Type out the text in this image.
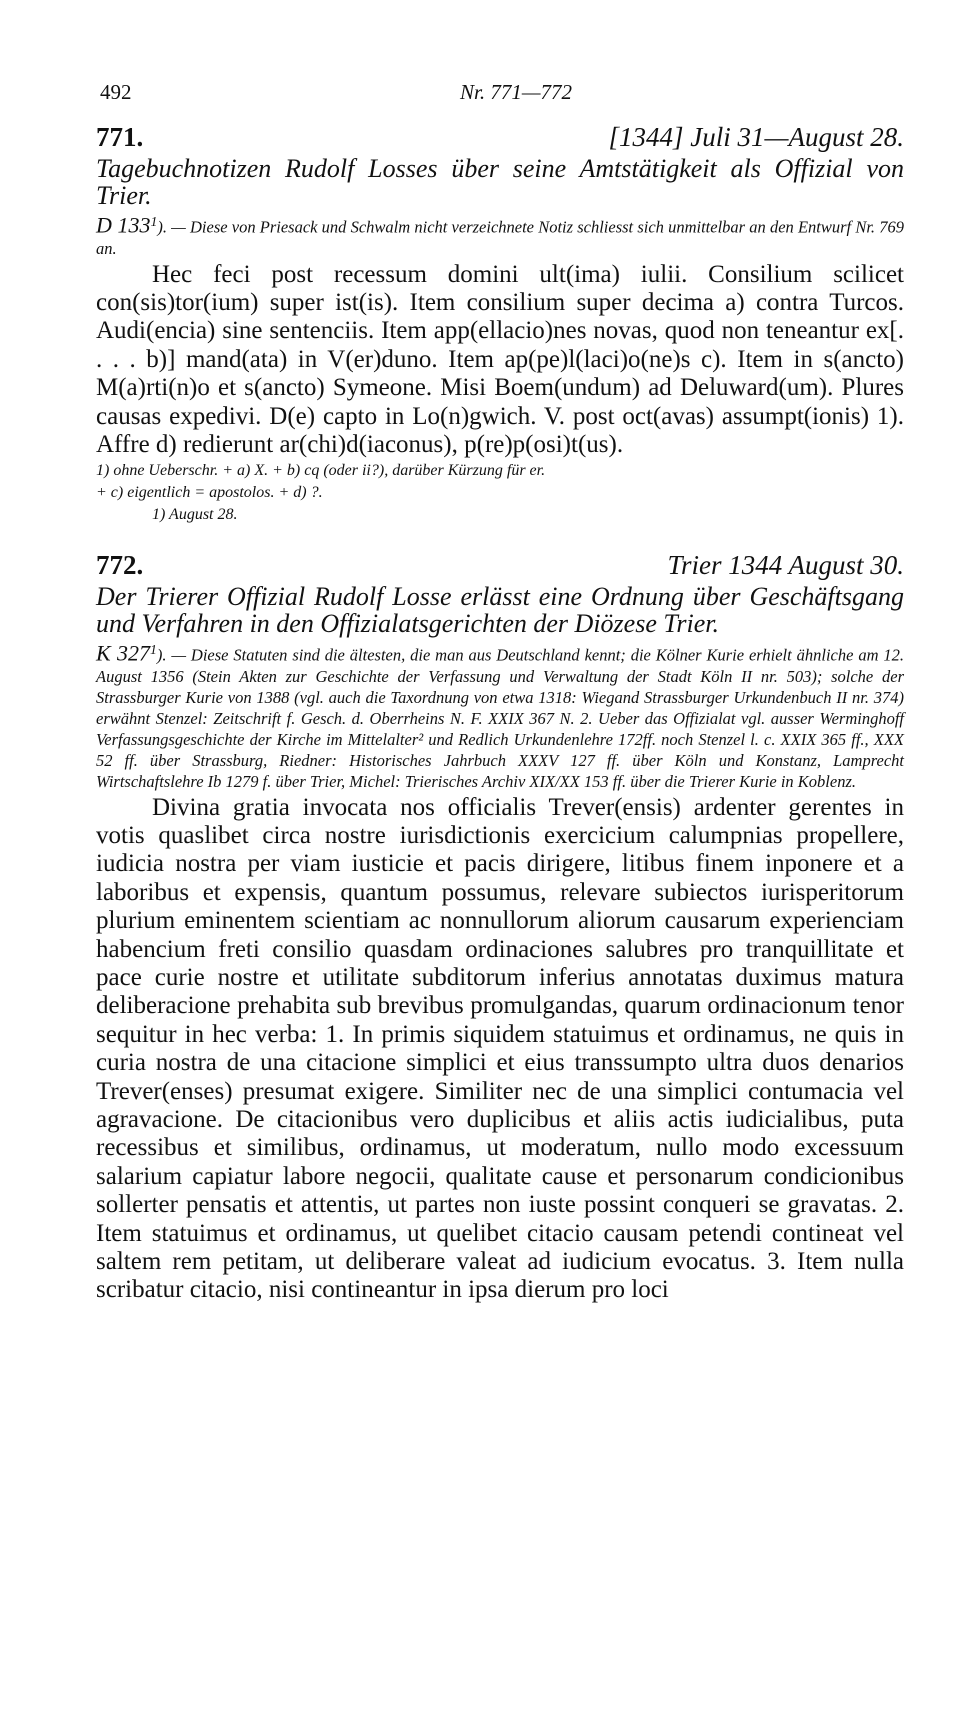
492	Nr. 771—772
771.	[1344] Juli 31—August 28.
Tagebuchnotizen Rudolf Losses über seine Amtstätigkeit als Offizial von Trier.
D $133^1$). — Diese von Priesack und Schwalm nicht verzeichnete Notiz schliesst sich unmittelbar an den Entwurf Nr. 769 an.
Hec feci post recessum domini ult(ima) iulii. Consilium scilicet con(sis)tor(ium) super ist(is). Item consilium super decima a) contra Turcos. Audi(encia) sine sentenciis. Item app(ellacio)nes novas, quod non teneantur ex[. . . . b)] mand(ata) in V(er)duno. Item ap(pe)l(laci)o(ne)s c). Item in s(ancto) M(a)rti(n)o et s(ancto) Symeone. Misi Boem(undum) ad Deluward(um). Plures causas expedivi. D(e) capto in Lo(n)gwich. V. post oct(avas) assumpt(ionis) 1). Affre d) redierunt ar(chi)d(iaconus), p(re)p(osi)t(us).
1) ohne Ueberschr. + a) X. + b) cq (oder ii?), darüber Kürzung für er.
+ c) eigentlich = apostolos. + d) ?.
1) August 28.
772.	Trier 1344 August 30.
Der Trierer Offizial Rudolf Losse erlässt eine Ordnung über Geschäftsgang und Verfahren in den Offizialatsgerichten der Diözese Trier.
K $327^1$). — Diese Statuten sind die ältesten, die man aus Deutschland kennt; die Kölner Kurie erhielt ähnliche am 12. August 1356 (Stein Akten zur Geschichte der Verfassung und Verwaltung der Stadt Köln II nr. 503); solche der Strassburger Kurie von 1388 (vgl. auch die Taxordnung von etwa 1318: Wiegand Strassburger Urkundenbuch II nr. 374) erwähnt Stenzel: Zeitschrift f. Gesch. d. Oberrheins N. F. XXIX 367 N. 2. Ueber das Offizialat vgl. ausser Werminghoff Verfassungsgeschichte der Kirche im Mittelalter² und Redlich Urkundenlehre 172ff. noch Stenzel l. c. XXIX 365 ff., XXX 52 ff. über Strassburg, Riedner: Historisches Jahrbuch XXXV 127 ff. über Köln und Konstanz, Lamprecht Wirtschaftslehre Ib 1279 f. über Trier, Michel: Trierisches Archiv XIX/XX 153 ff. über die Trierer Kurie in Koblenz.
Divina gratia invocata nos officialis Trever(ensis) ardenter gerentes in votis quaslibet circa nostre iurisdictionis exercicium calumpnias propellere, iudicia nostra per viam iusticie et pacis dirigere, litibus finem inponere et a laboribus et expensis, quantum possumus, relevare subiectos iurisperitorum plurium eminentem scientiam ac nonnullorum aliorum causarum experienciam habencium freti consilio quasdam ordinaciones salubres pro tranquillitate et pace curie nostre et utilitate subditorum inferius annotatas duximus matura deliberacione prehabita sub brevibus promulgandas, quarum ordinacionum tenor sequitur in hec verba: 1. In primis siquidem statuimus et ordinamus, ne quis in curia nostra de una citacione simplici et eius transsumpto ultra duos denarios Trever(enses) presumat exigere. Similiter nec de una simplici contumacia vel agravacione. De citacionibus vero duplicibus et aliis actis iudicialibus, puta recessibus et similibus, ordinamus, ut moderatum, nullo modo excessuum salarium capiatur labore negocii, qualitate cause et personarum condicionibus sollerter pensatis et attentis, ut partes non iuste possint conqueri se gravatas. 2. Item statuimus et ordinamus, ut quelibet citacio causam petendi contineat vel saltem rem petitam, ut deliberare valeat ad iudicium evocatus. 3. Item nulla scribatur citacio, nisi contineantur in ipsa dierum pro loci
